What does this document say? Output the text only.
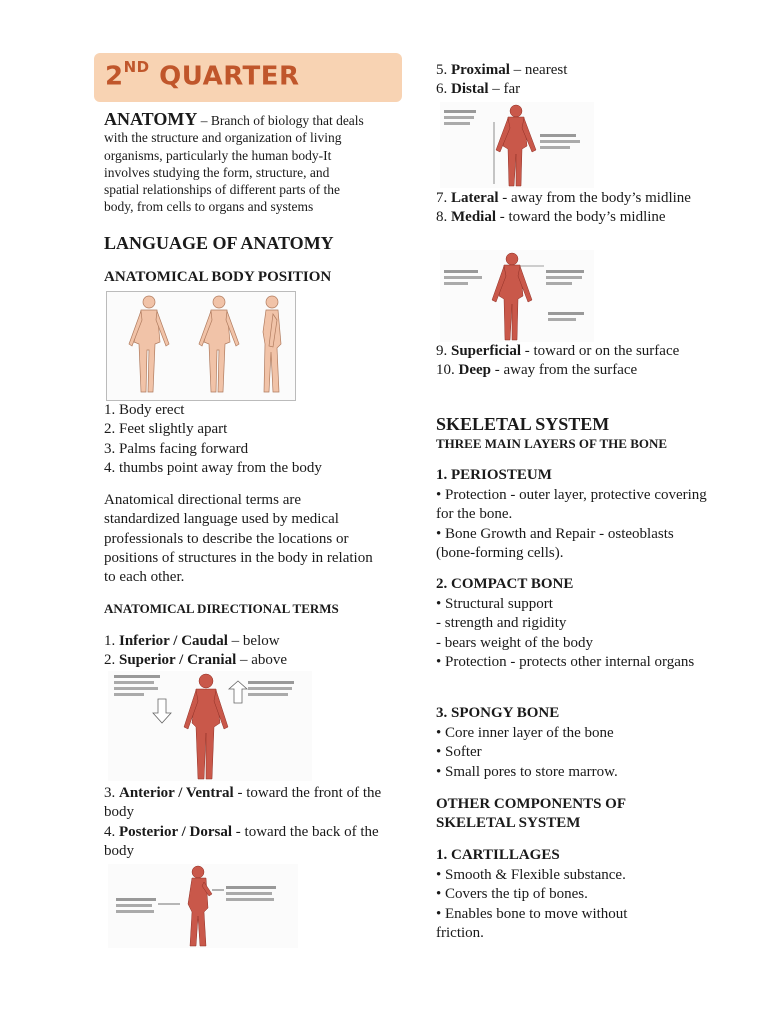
2ND QUARTER
ANATOMY – Branch of biology that deals with the structure and organization of living organisms, particularly the human body-It involves studying the form, structure, and spatial relationships of different parts of the body, from cells to organs and systems
LANGUAGE OF ANATOMY
ANATOMICAL BODY POSITION
1. Body erect
2. Feet slightly apart
3. Palms facing forward
4. thumbs point away from the body
Anatomical directional terms are standardized language used by medical professionals to describe the locations or positions of structures in the body in relation to each other.
ANATOMICAL DIRECTIONAL TERMS
1. Inferior / Caudal – below
2. Superior / Cranial – above
3. Anterior / Ventral - toward the front of the body
4. Posterior / Dorsal - toward the back of the body
5. Proximal – nearest
6. Distal – far
7. Lateral - away from the body’s midline
8. Medial - toward the body’s midline
9. Superficial - toward or on the surface
10. Deep - away from the surface
SKELETAL SYSTEM
THREE MAIN LAYERS OF THE BONE
1. PERIOSTEUM
• Protection - outer layer, protective covering for the bone.
• Bone Growth and Repair - osteoblasts (bone-forming cells).
2. COMPACT BONE
• Structural support
- strength and rigidity
- bears weight of the body
• Protection - protects other internal organs
3. SPONGY BONE
• Core inner layer of the bone
• Softer
• Small pores to store marrow.
OTHER COMPONENTS OF SKELETAL SYSTEM
1. CARTILLAGES
• Smooth & Flexible substance.
• Covers the tip of bones.
• Enables bone to move without friction.
